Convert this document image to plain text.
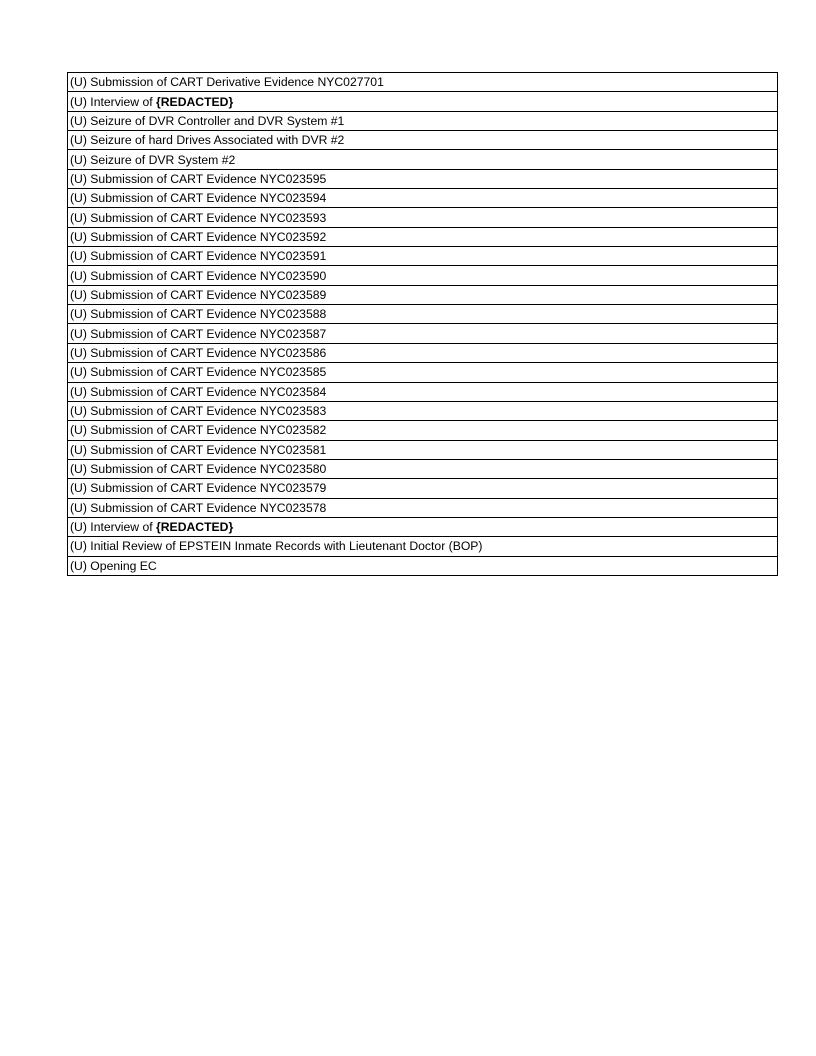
(U) Submission of CART Derivative Evidence NYC027701
(U) Interview of {REDACTED}
(U) Seizure of DVR Controller and DVR System #1
(U) Seizure of hard Drives Associated with DVR #2
(U) Seizure of DVR System #2
(U) Submission of CART Evidence NYC023595
(U) Submission of CART Evidence NYC023594
(U) Submission of CART Evidence NYC023593
(U) Submission of CART Evidence NYC023592
(U) Submission of CART Evidence NYC023591
(U) Submission of CART Evidence NYC023590
(U) Submission of CART Evidence NYC023589
(U) Submission of CART Evidence NYC023588
(U) Submission of CART Evidence NYC023587
(U) Submission of CART Evidence NYC023586
(U) Submission of CART Evidence NYC023585
(U) Submission of CART Evidence NYC023584
(U) Submission of CART Evidence NYC023583
(U) Submission of CART Evidence NYC023582
(U) Submission of CART Evidence NYC023581
(U) Submission of CART Evidence NYC023580
(U) Submission of CART Evidence NYC023579
(U) Submission of CART Evidence NYC023578
(U) Interview of {REDACTED}
(U) Initial Review of EPSTEIN Inmate Records with Lieutenant Doctor (BOP)
(U) Opening EC
